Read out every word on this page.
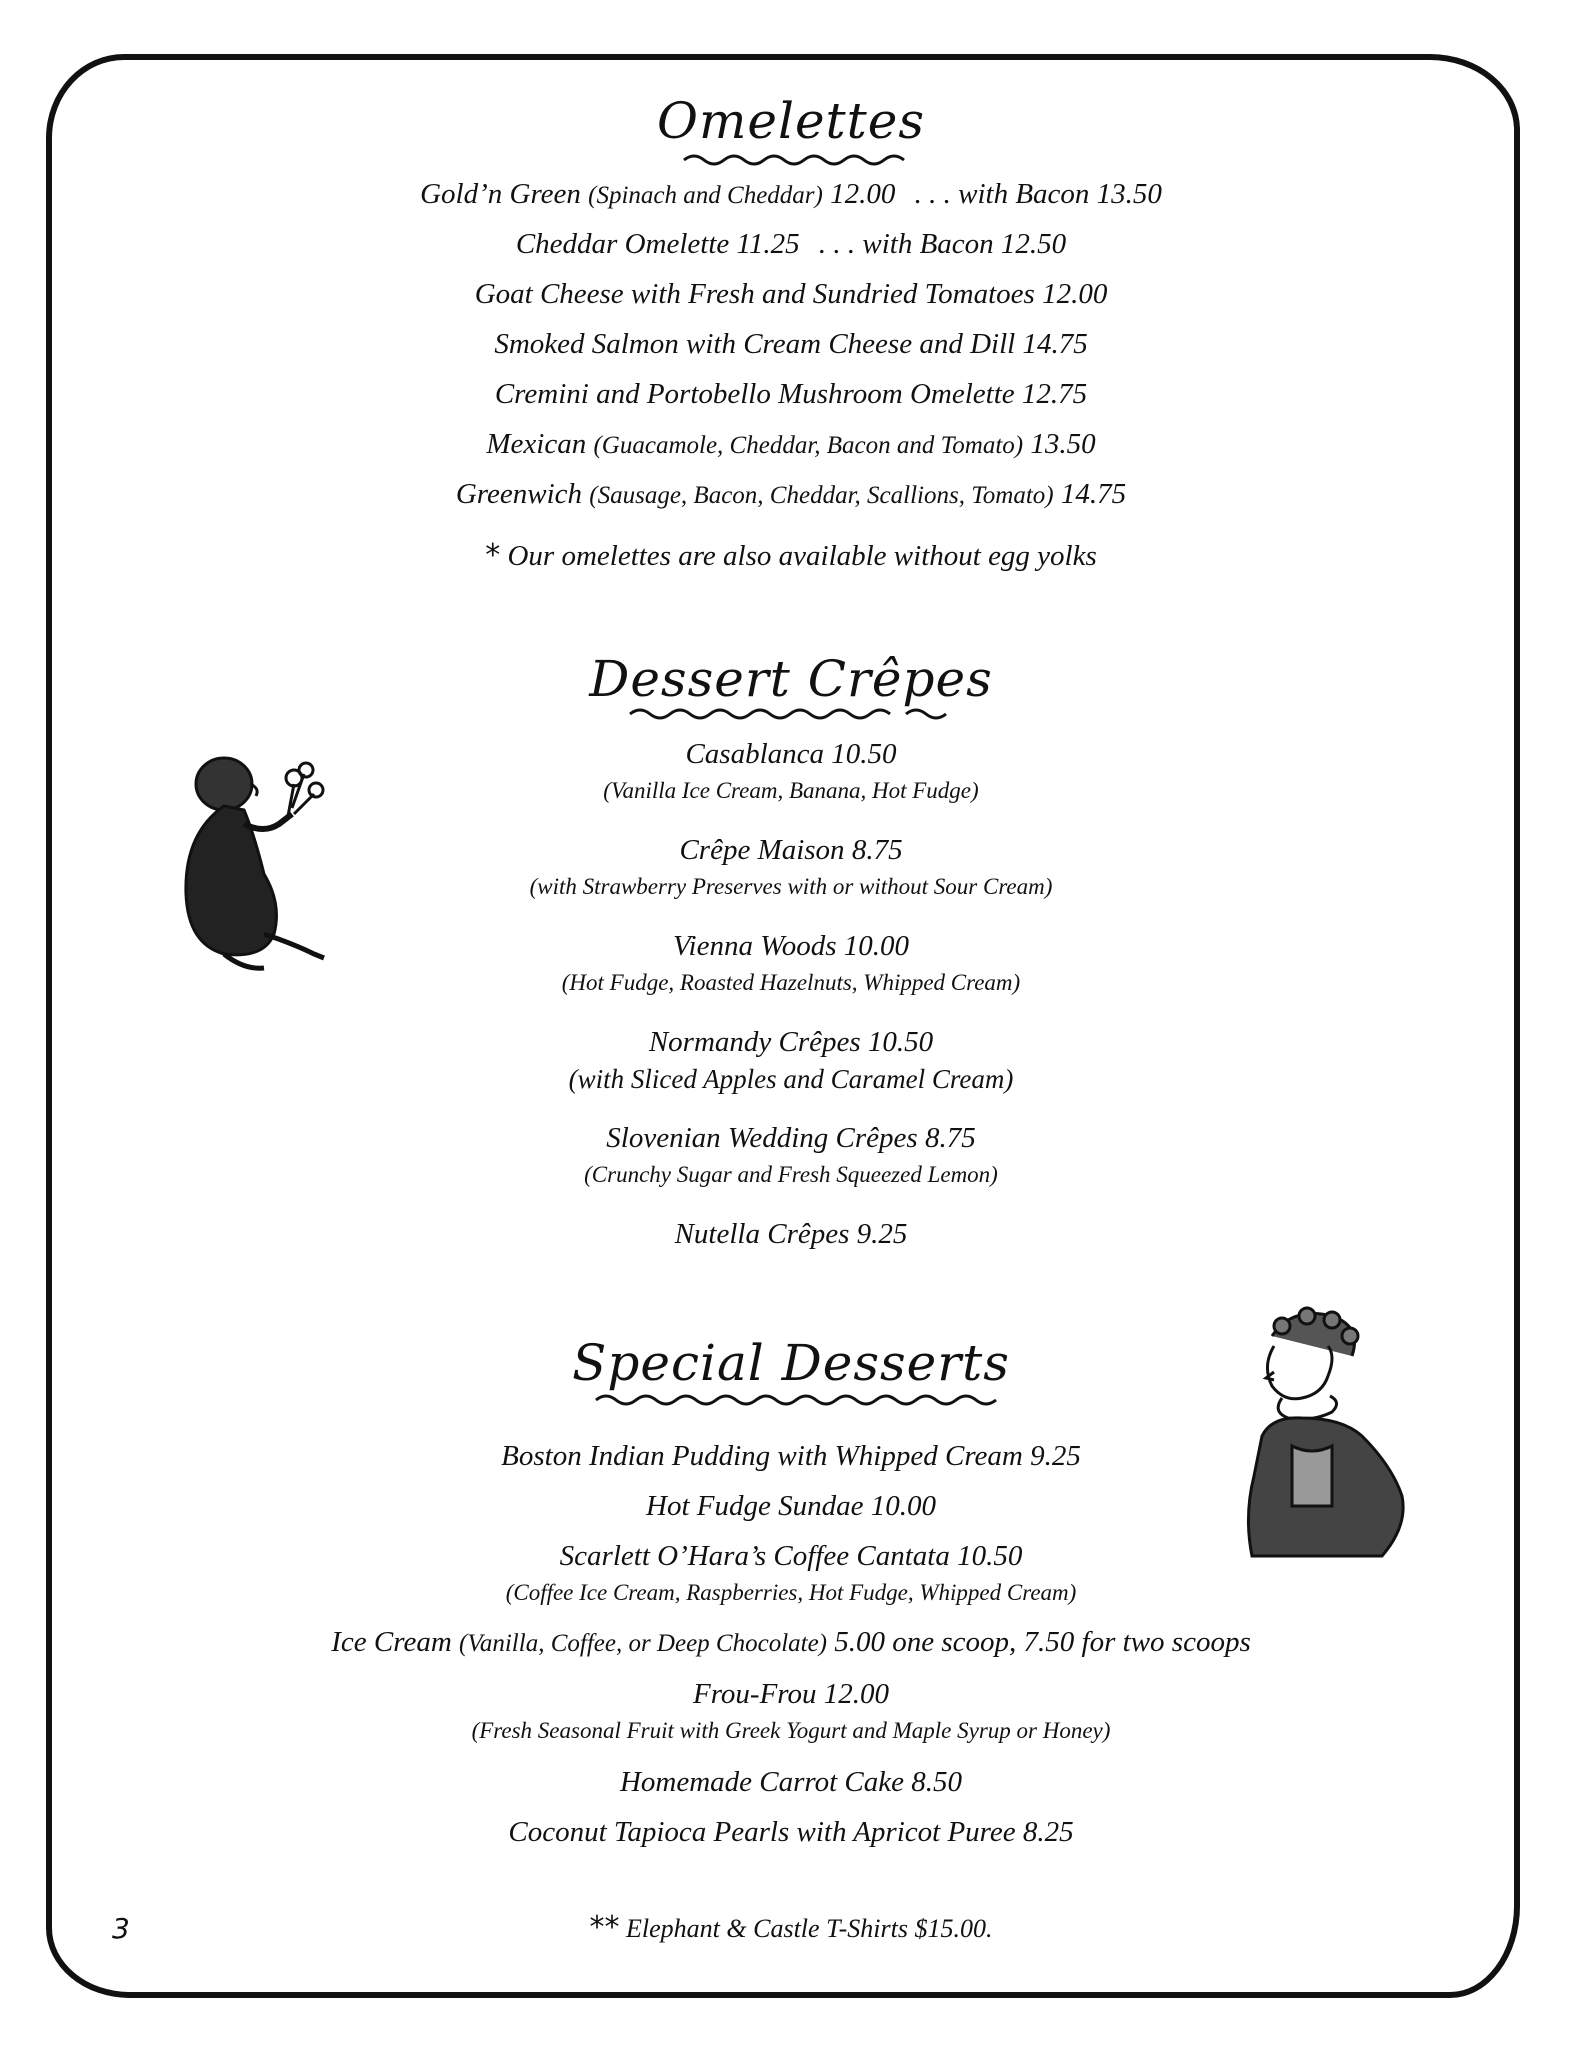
Omelettes
Gold’n Green (Spinach and Cheddar) 12.00 . . . with Bacon 13.50
Cheddar Omelette 11.25 . . . with Bacon 12.50
Goat Cheese with Fresh and Sundried Tomatoes 12.00
Smoked Salmon with Cream Cheese and Dill 14.75
Cremini and Portobello Mushroom Omelette 12.75
Mexican (Guacamole, Cheddar, Bacon and Tomato) 13.50
Greenwich (Sausage, Bacon, Cheddar, Scallions, Tomato) 14.75
* Our omelettes are also available without egg yolks
Dessert Crêpes
Casablanca 10.50
(Vanilla Ice Cream, Banana, Hot Fudge)
Crêpe Maison 8.75
(with Strawberry Preserves with or without Sour Cream)
Vienna Woods 10.00
(Hot Fudge, Roasted Hazelnuts, Whipped Cream)
Normandy Crêpes 10.50
(with Sliced Apples and Caramel Cream)
Slovenian Wedding Crêpes 8.75
(Crunchy Sugar and Fresh Squeezed Lemon)
Nutella Crêpes 9.25
Special Desserts
Boston Indian Pudding with Whipped Cream 9.25
Hot Fudge Sundae 10.00
Scarlett O’Hara’s Coffee Cantata 10.50
(Coffee Ice Cream, Raspberries, Hot Fudge, Whipped Cream)
Ice Cream (Vanilla, Coffee, or Deep Chocolate) 5.00 one scoop, 7.50 for two scoops
Frou-Frou 12.00
(Fresh Seasonal Fruit with Greek Yogurt and Maple Syrup or Honey)
Homemade Carrot Cake 8.50
Coconut Tapioca Pearls with Apricot Puree 8.25
** Elephant & Castle T-Shirts $15.00.
3
